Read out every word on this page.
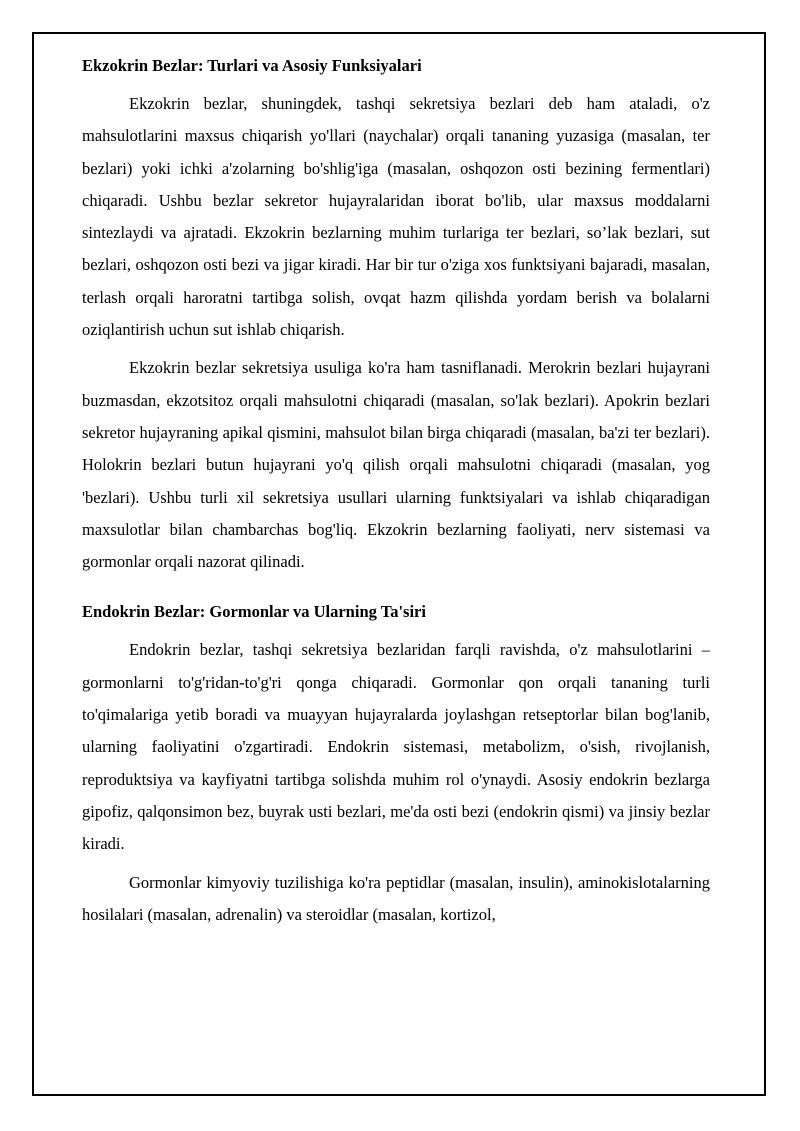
Ekzokrin Bezlar: Turlari va Asosiy Funksiyalari

Ekzokrin bezlar, shuningdek, tashqi sekretsiya bezlari deb ham ataladi, o'z mahsulotlarini maxsus chiqarish yo'llari (naychalar) orqali tananing yuzasiga (masalan, ter bezlari) yoki ichki a'zolarning bo'shlig'iga (masalan, oshqozon osti bezining fermentlari) chiqaradi. Ushbu bezlar sekretor hujayralaridan iborat bo'lib, ular maxsus moddalarni sintezlaydi va ajratadi. Ekzokrin bezlarning muhim turlariga ter bezlari, so’lak bezlari, sut bezlari, oshqozon osti bezi va jigar kiradi. Har bir tur o'ziga xos funktsiyani bajaradi, masalan, terlash orqali haroratni tartibga solish, ovqat hazm qilishda yordam berish va bolalarni oziqlantirish uchun sut ishlab chiqarish.

Ekzokrin bezlar sekretsiya usuliga ko'ra ham tasniflanadi. Merokrin bezlari hujayrani buzmasdan, ekzotsitoz orqali mahsulotni chiqaradi (masalan, so'lak bezlari). Apokrin bezlari sekretor hujayraning apikal qismini, mahsulot bilan birga chiqaradi (masalan, ba'zi ter bezlari). Holokrin bezlari butun hujayrani yo'q qilish orqali mahsulotni chiqaradi (masalan, yog 'bezlari). Ushbu turli xil sekretsiya usullari ularning funktsiyalari va ishlab chiqaradigan maxsulotlar bilan chambarchas bog'liq. Ekzokrin bezlarning faoliyati, nerv sistemasi va gormonlar orqali nazorat qilinadi.

Endokrin Bezlar: Gormonlar va Ularning Ta'siri

Endokrin bezlar, tashqi sekretsiya bezlaridan farqli ravishda, o'z mahsulotlarini – gormonlarni to'g'ridan-to'g'ri qonga chiqaradi. Gormonlar qon orqali tananing turli to'qimalariga yetib boradi va muayyan hujayralarda joylashgan retseptorlar bilan bog'lanib, ularning faoliyatini o'zgartiradi. Endokrin sistemasi, metabolizm, o'sish, rivojlanish, reproduktsiya va kayfiyatni tartibga solishda muhim rol o'ynaydi. Asosiy endokrin bezlarga gipofiz, qalqonsimon bez, buyrak usti bezlari, me'da osti bezi (endokrin qismi) va jinsiy bezlar kiradi.

Gormonlar kimyoviy tuzilishiga ko'ra peptidlar (masalan, insulin), aminokislotalarning hosilalari (masalan, adrenalin) va steroidlar (masalan, kortizol,
